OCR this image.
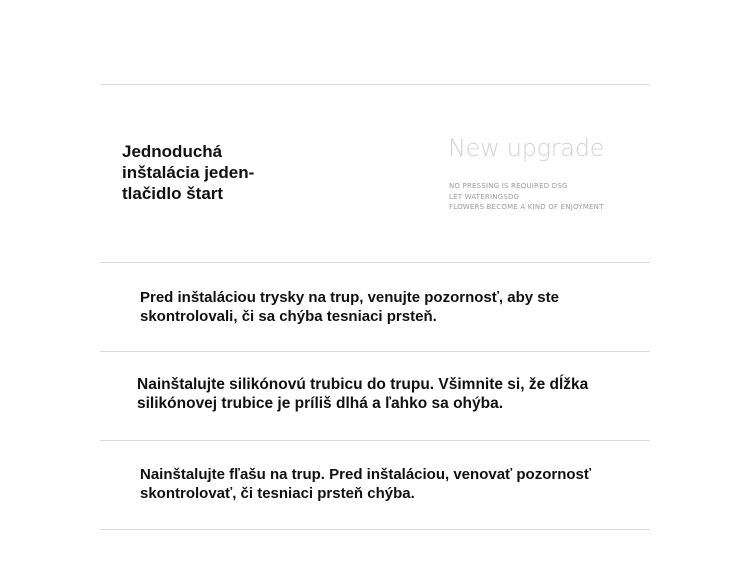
Jednoduchá
inštalácia jeden-
tlačidlo štart
New upgrade
NO PRESSING IS REQUIRED DSG
LET WATERINGSDG
FLOWERS BECOME A KIND OF ENJOYMENT
Pred inštaláciou trysky na trup, venujte pozornosť, aby ste
skontrolovali, či sa chýba tesniaci prsteň.
Nainštalujte silikónovú trubicu do trupu. Všimnite si, že dĺžka
silikónovej trubice je príliš dlhá a ľahko sa ohýba.
Nainštalujte fľašu na trup. Pred inštaláciou, venovať pozornosť
skontrolovať, či tesniaci prsteň chýba.
